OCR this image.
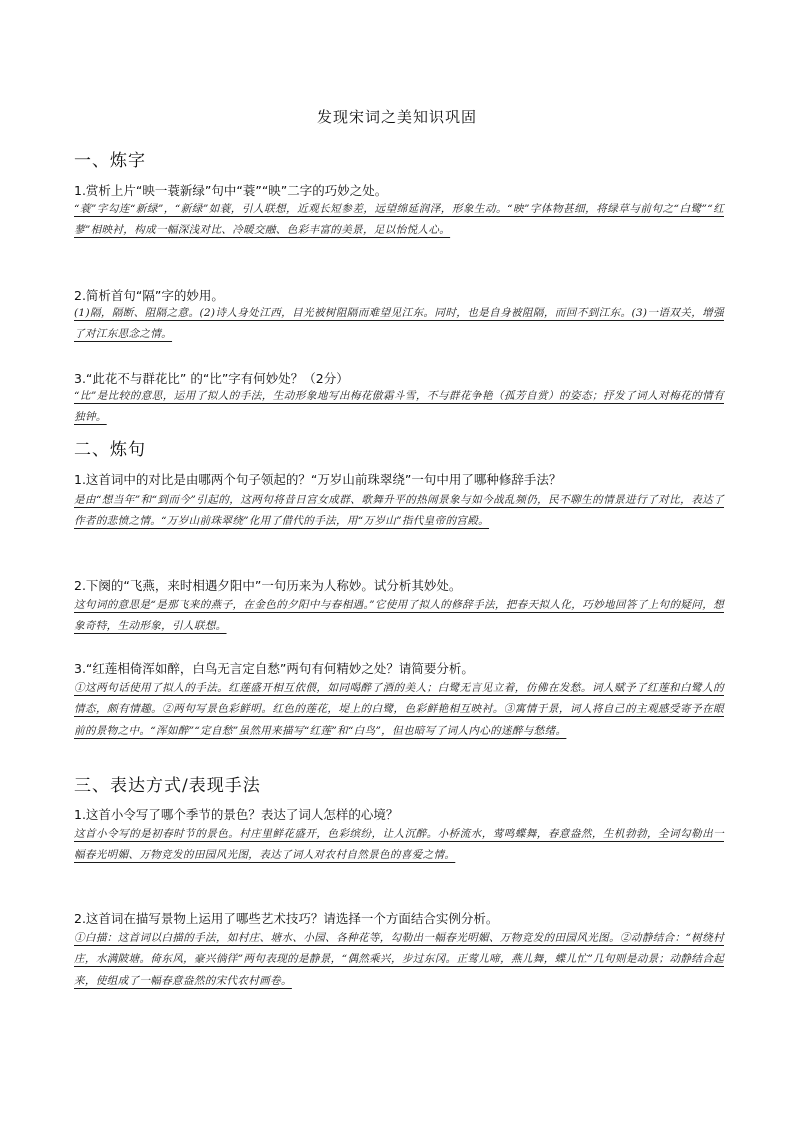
发现宋词之美知识巩固
一、炼字
1.赏析上片“映一蓑新绿”句中“蓑”“映”二字的巧妙之处。
“蓑”字勾连“新绿”，“新绿”如蓑，引人联想，近观长短参差，远望绵延润泽，形象生动。“映”字体物甚细，将绿草与前句之“白鹭”“红蓼”相映衬，构成一幅深浅对比、冷暖交融、色彩丰富的美景，足以怡悦人心。
2.简析首句“隔”字的妙用。
(1)隔，隔断、阻隔之意。(2)诗人身处江西，目光被树阻隔而难望见江东。同时，也是自身被阻隔，而回不到江东。(3)一语双关，增强了对江东思念之情。
3.“此花不与群花比” 的“比”字有何妙处？（2分）
“比”是比较的意思，运用了拟人的手法，生动形象地写出梅花傲霜斗雪，不与群花争艳（孤芳自赏）的姿态；抒发了词人对梅花的情有独钟。
二、炼句
1.这首词中的对比是由哪两个句子领起的？“万岁山前珠翠绕”一句中用了哪种修辞手法？
是由“想当年”和“到而今”引起的，这两句将昔日宫女成群、歌舞升平的热闹景象与如今战乱频仍，民不聊生的情景进行了对比，表达了作者的悲愤之情。“万岁山前珠翠绕”化用了借代的手法，用“万岁山”指代皇帝的宫殿。
2.下阕的“飞燕，来时相遇夕阳中”一句历来为人称妙。试分析其妙处。
这句词的意思是“是那飞来的燕子，在金色的夕阳中与春相遇。”它使用了拟人的修辞手法，把春天拟人化，巧妙地回答了上句的疑问，想象奇特，生动形象，引人联想。
3.“红莲相倚浑如醉，白鸟无言定自愁”两句有何精妙之处？请简要分析。
①这两句话使用了拟人的手法。红莲盛开相互依偎，如同喝醉了酒的美人；白鹭无言见立着，仿佛在发愁。词人赋予了红莲和白鹭人的情态，颇有情趣。②两句写景色彩鲜明。红色的莲花，堤上的白鹭，色彩鲜艳相互映衬。③寓情于景，词人将自己的主观感受寄予在眼前的景物之中。“浑如醉”“定自愁”虽然用来描写“红莲”和“白鸟”，但也暗写了词人内心的迷醉与愁绪。
三、表达方式/表现手法
1.这首小令写了哪个季节的景色？表达了词人怎样的心境？
这首小令写的是初春时节的景色。村庄里鲜花盛开，色彩缤纷，让人沉醉。小桥流水，莺鸣蝶舞，春意盎然，生机勃勃，全词勾勒出一幅春光明媚、万物竞发的田园风光图，表达了词人对农村自然景色的喜爱之情。
2.这首词在描写景物上运用了哪些艺术技巧？请选择一个方面结合实例分析。
①白描：这首词以白描的手法，如村庄、塘水、小园、各种花等，勾勒出一幅春光明媚、万物竞发的田园风光图。②动静结合：“树绕村庄，水满陂塘。倚东风，豪兴徜徉”两句表现的是静景，“偶然乘兴，步过东冈。正莺儿啼，燕儿舞，蝶儿忙”几句则是动景；动静结合起来，使组成了一幅春意盎然的宋代农村画卷。
